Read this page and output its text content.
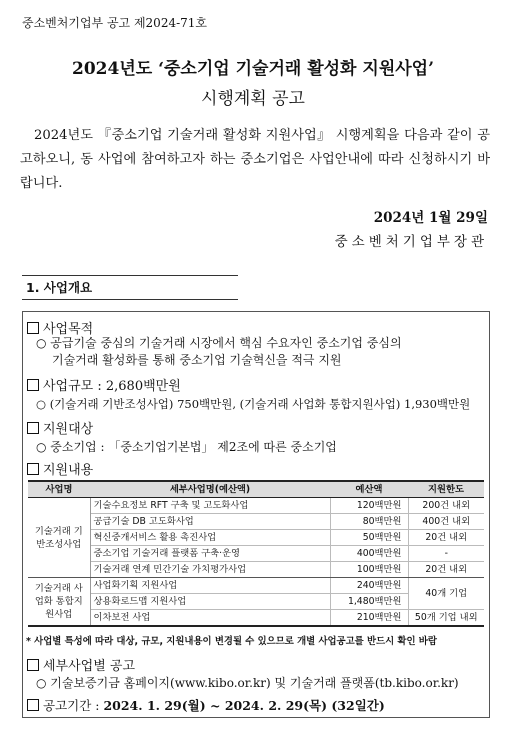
중소벤처기업부 공고 제2024-71호
2024년도 ‘중소기업 기술거래 활성화 지원사업’
시행계획 공고
2024년도 『중소기업 기술거래 활성화 지원사업』 시행계획을 다음과 같이 공고하오니, 동 사업에 참여하고자 하는 중소기업은 사업안내에 따라 신청하시기 바랍니다.
2024년 1월 29일
중소벤처기업부장관
1. 사업개요
사업목적
○ 공급기술 중심의 기술거래 시장에서 핵심 수요자인 중소기업 중심의
기술거래 활성화를 통해 중소기업 기술혁신을 적극 지원
사업규모 : 2,680백만원
○ (기술거래 기반조성사업) 750백만원, (기술거래 사업화 통합지원사업) 1,930백만원
지원대상
○ 중소기업 : 「중소기업기본법」 제2조에 따른 중소기업
지원내용
사업명	세부사업명(예산액)	예산액	지원한도
기술거래 기반조성사업	기술수요정보 RFT 구축 및 고도화사업	120백만원	200건 내외
	공급기술 DB 고도화사업	80백만원	400건 내외
	혁신중개서비스 활용 촉진사업	50백만원	20건 내외
	중소기업 기술거래 플랫폼 구축·운영	400백만원	-
	기술거래 연계 민간기술 가치평가사업	100백만원	20건 내외
기술거래 사업화 통합지원사업	사업화기획 지원사업	240백만원	40개 기업
	상용화로드맵 지원사업	1,480백만원	
	이차보전 사업	210백만원	50개 기업 내외
* 사업별 특성에 따라 대상, 규모, 지원내용이 변경될 수 있으므로 개별 사업공고를 반드시 확인 바람
세부사업별 공고
○ 기술보증기금 홈페이지(www.kibo.or.kr) 및 기술거래 플랫폼(tb.kibo.or.kr)
공고기간 : 2024. 1. 29(월) ~ 2024. 2. 29(목) (32일간)
